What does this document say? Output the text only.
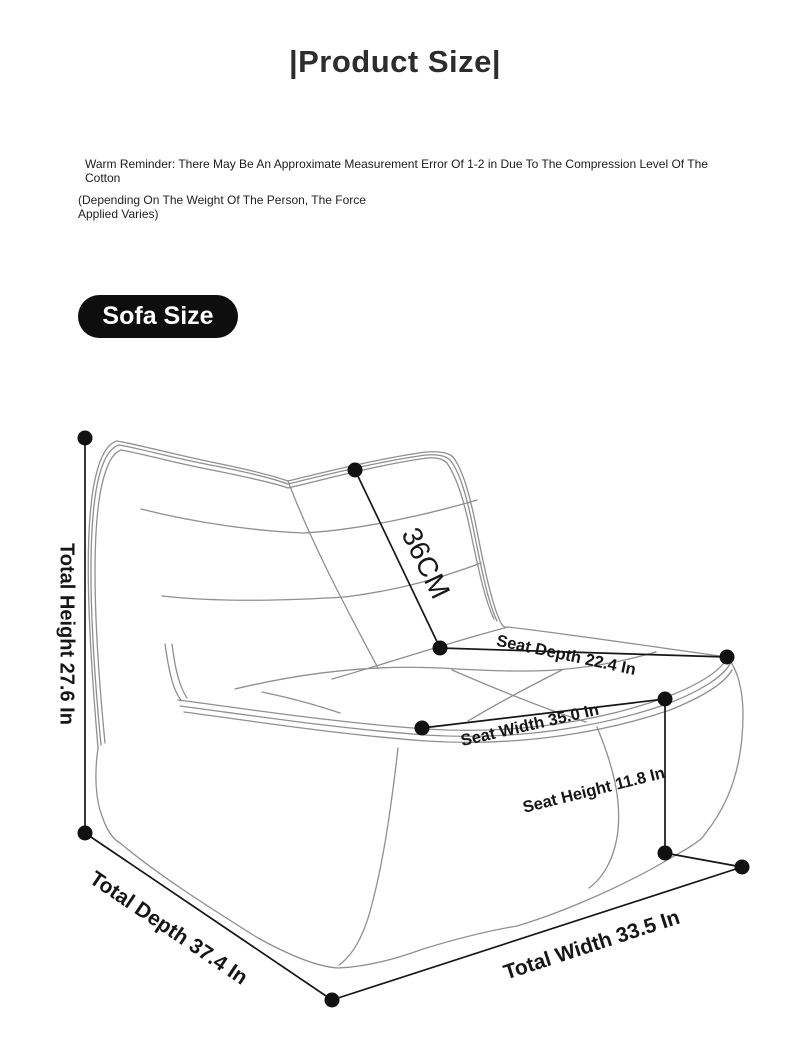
|Product Size|
Warm Reminder: There May Be An Approximate Measurement Error Of 1-2 in Due To The Compression Level Of The Cotton
(Depending On The Weight Of The Person, The Force
Applied Varies)
Sofa Size
Total Height 27.6 In	36CM
Seat Depth 22.4 In
Seat Width 35.0 In
Seat Height 11.8 In
Total Depth 37.4 In	Total Width 33.5 In
